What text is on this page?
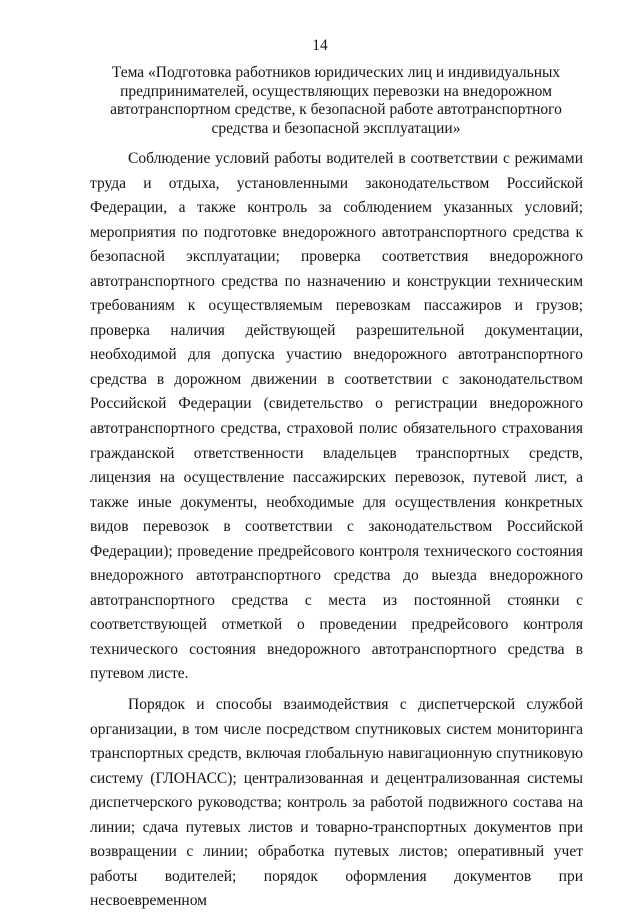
14
Тема «Подготовка работников юридических лиц и индивидуальных предпринимателей, осуществляющих перевозки на внедорожном автотранспортном средстве, к безопасной работе автотранспортного средства и безопасной эксплуатации»

Соблюдение условий работы водителей в соответствии с режимами труда и отдыха, установленными законодательством Российской Федерации, а также контроль за соблюдением указанных условий; мероприятия по подготовке внедорожного автотранспортного средства к безопасной эксплуатации; проверка соответствия внедорожного автотранспортного средства по назначению и конструкции техническим требованиям к осуществляемым перевозкам пассажиров и грузов; проверка наличия действующей разрешительной документации, необходимой для допуска участию внедорожного автотранспортного средства в дорожном движении в соответствии с законодательством Российской Федерации (свидетельство о регистрации внедорожного автотранспортного средства, страховой полис обязательного страхования гражданской ответственности владельцев транспортных средств, лицензия на осуществление пассажирских перевозок, путевой лист, а также иные документы, необходимые для осуществления конкретных видов перевозок в соответствии с законодательством Российской Федерации); проведение предрейсового контроля технического состояния внедорожного автотранспортного средства до выезда внедорожного автотранспортного средства с места из постоянной стоянки с соответствующей отметкой о проведении предрейсового контроля технического состояния внедорожного автотранспортного средства в путевом листе.

Порядок и способы взаимодействия с диспетчерской службой организации, в том числе посредством спутниковых систем мониторинга транспортных средств, включая глобальную навигационную спутниковую систему (ГЛОНАСС); централизованная и децентрализованная системы диспетчерского руководства; контроль за работой подвижного состава на линии; сдача путевых листов и товарно-транспортных документов при возвращении с линии; обработка путевых листов; оперативный учет работы водителей; порядок оформления документов при несвоевременном
